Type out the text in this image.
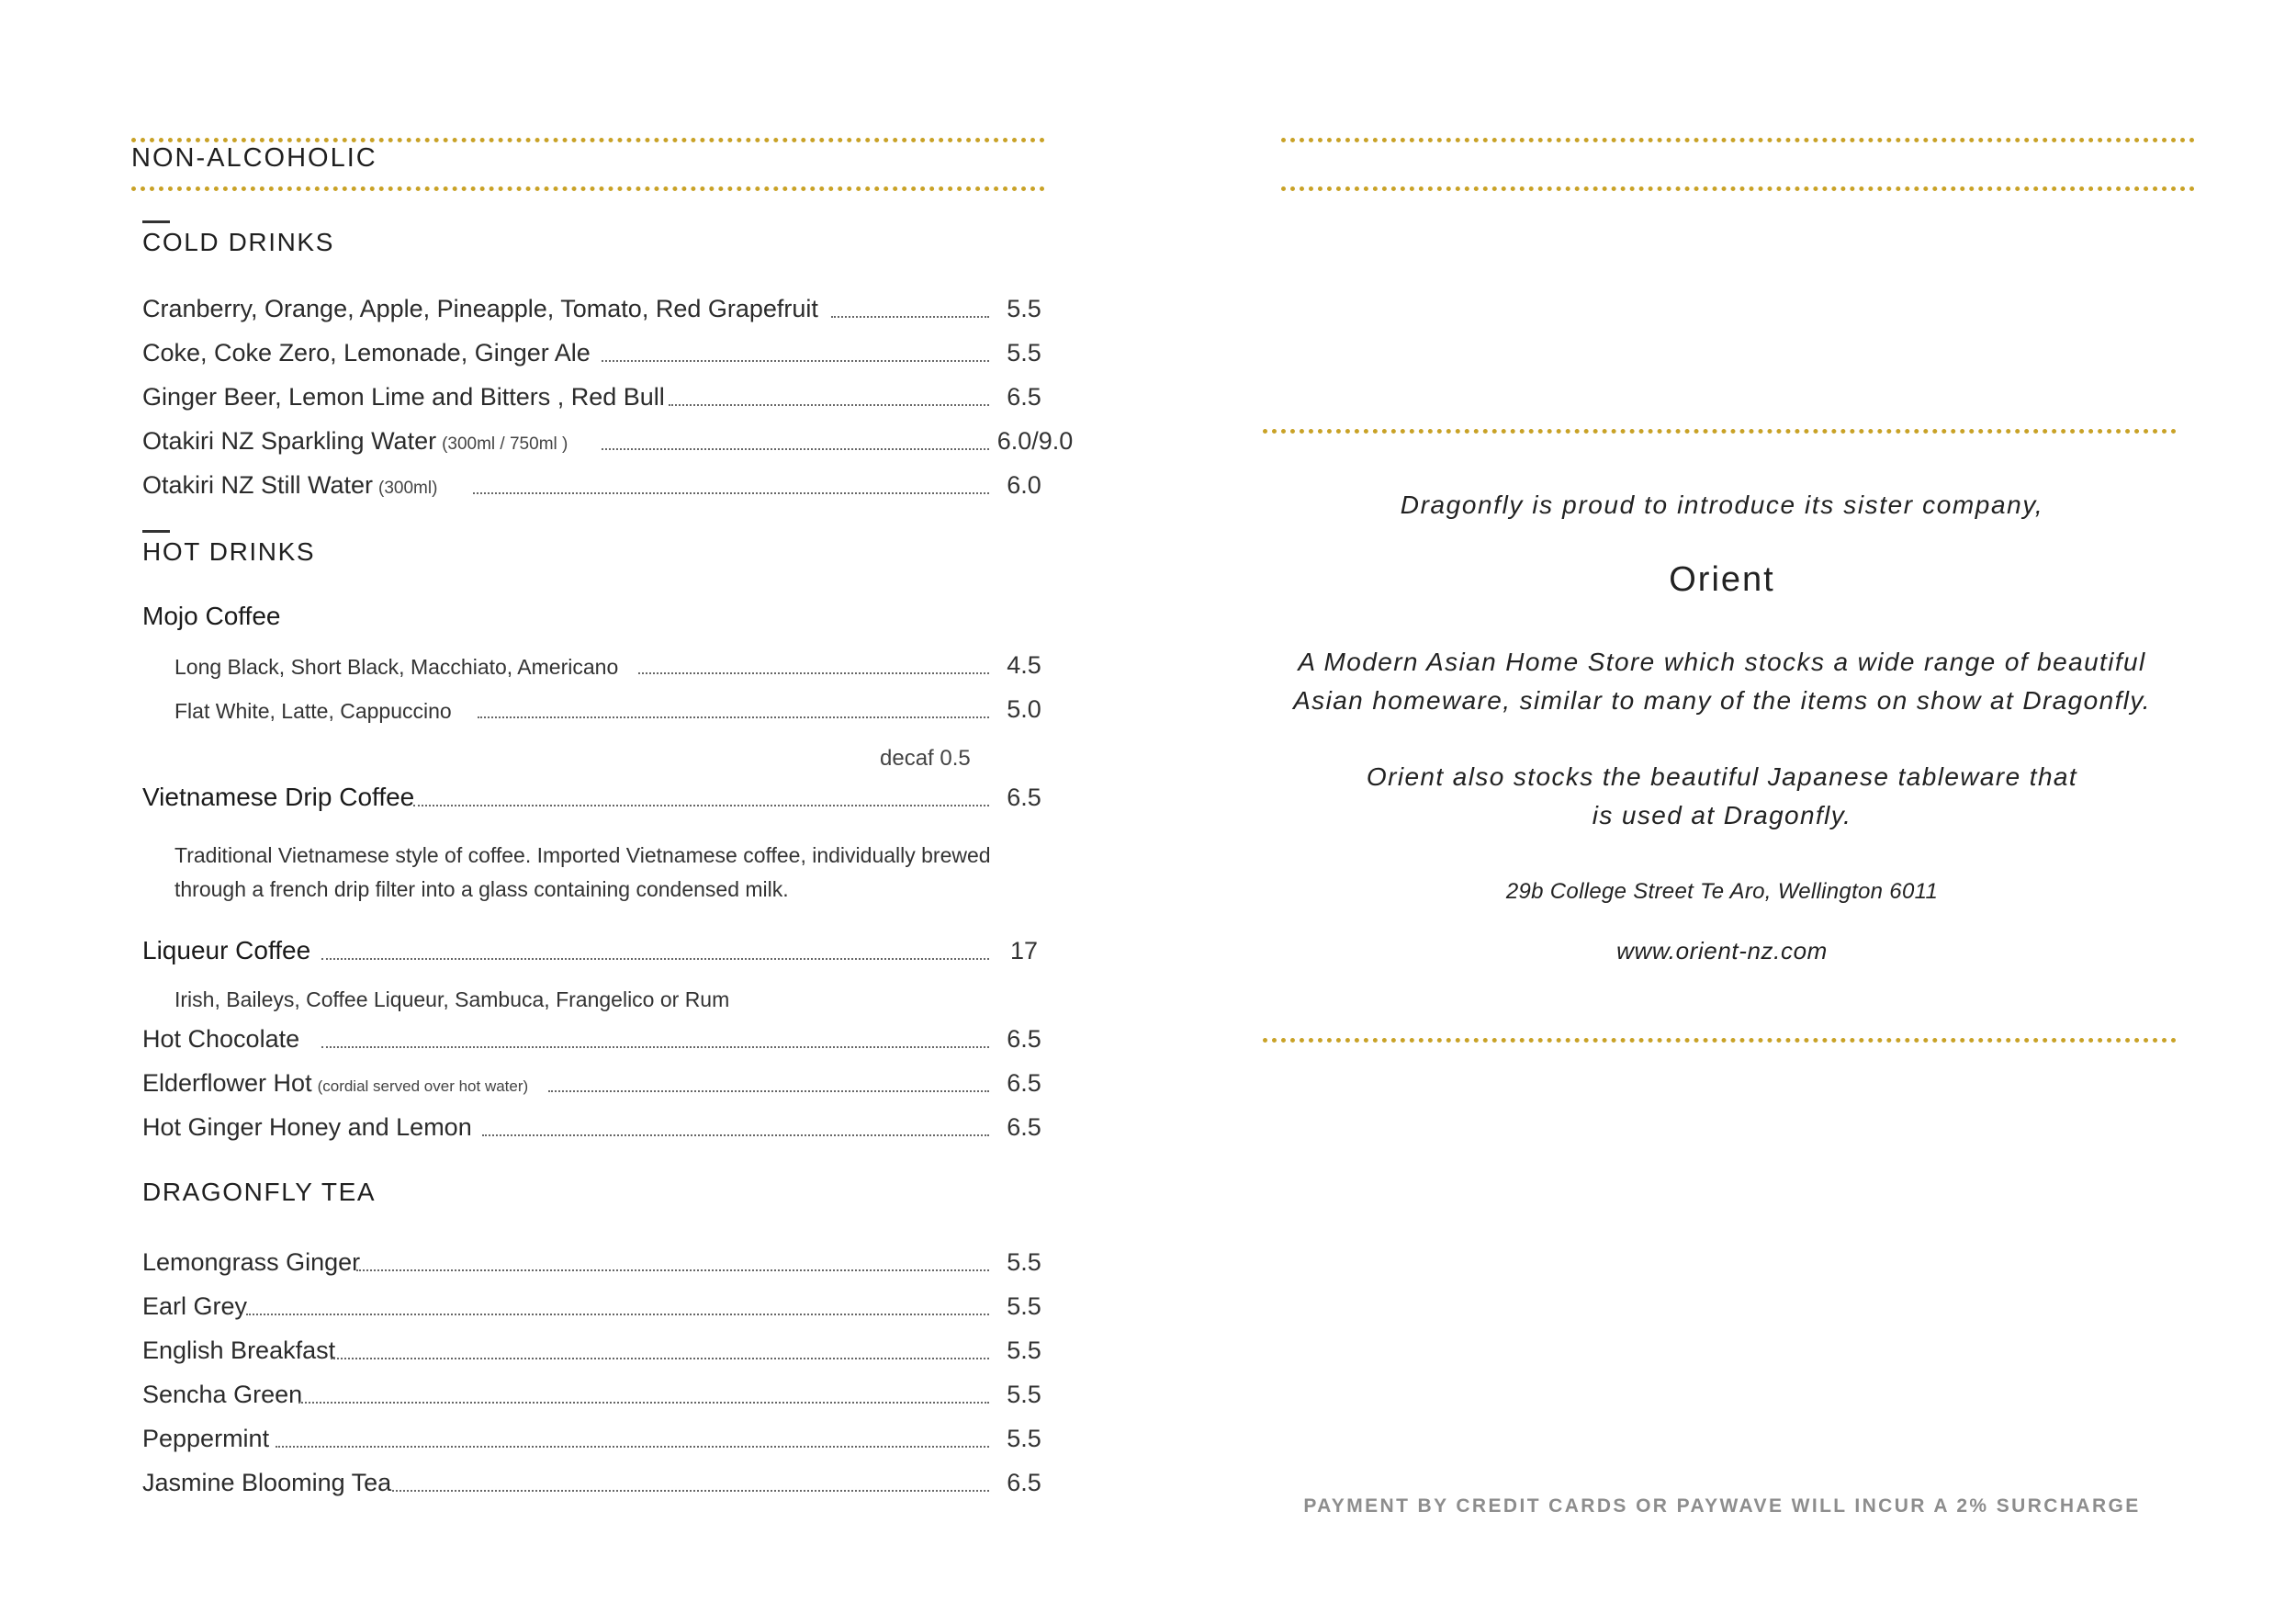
NON-ALCOHOLIC
COLD DRINKS
Cranberry, Orange, Apple, Pineapple, Tomato, Red Grapefruit	5.5
Coke, Coke Zero, Lemonade, Ginger Ale	5.5
Ginger Beer, Lemon Lime and Bitters , Red Bull	6.5
Otakiri NZ Sparkling Water (300ml / 750ml )	6.0/9.0
Otakiri NZ Still Water (300ml)	6.0
HOT DRINKS
Mojo Coffee
Long Black, Short Black, Macchiato, Americano	4.5
Flat White, Latte, Cappuccino	5.0
decaf 0.5
Vietnamese Drip Coffee	6.5
Traditional Vietnamese style of coffee. Imported Vietnamese coffee, individually brewed through a french drip filter into a glass containing condensed milk.
Liqueur Coffee	17
Irish, Baileys, Coffee Liqueur, Sambuca, Frangelico or Rum
Hot Chocolate	6.5
Elderflower Hot (cordial served over hot water)	6.5
Hot Ginger Honey and Lemon	6.5
DRAGONFLY TEA
Lemongrass Ginger	5.5
Earl Grey	5.5
English Breakfast	5.5
Sencha Green	5.5
Peppermint	5.5
Jasmine Blooming Tea	6.5
Dragonfly is proud to introduce its sister company,
Orient
A Modern Asian Home Store which stocks a wide range of beautiful
Asian homeware, similar to many of the items on show at Dragonfly.
Orient also stocks the beautiful Japanese tableware that
is used at Dragonfly.
29b College Street Te Aro, Wellington 6011
www.orient-nz.com
PAYMENT BY CREDIT CARDS OR PAYWAVE WILL INCUR A 2% SURCHARGE
